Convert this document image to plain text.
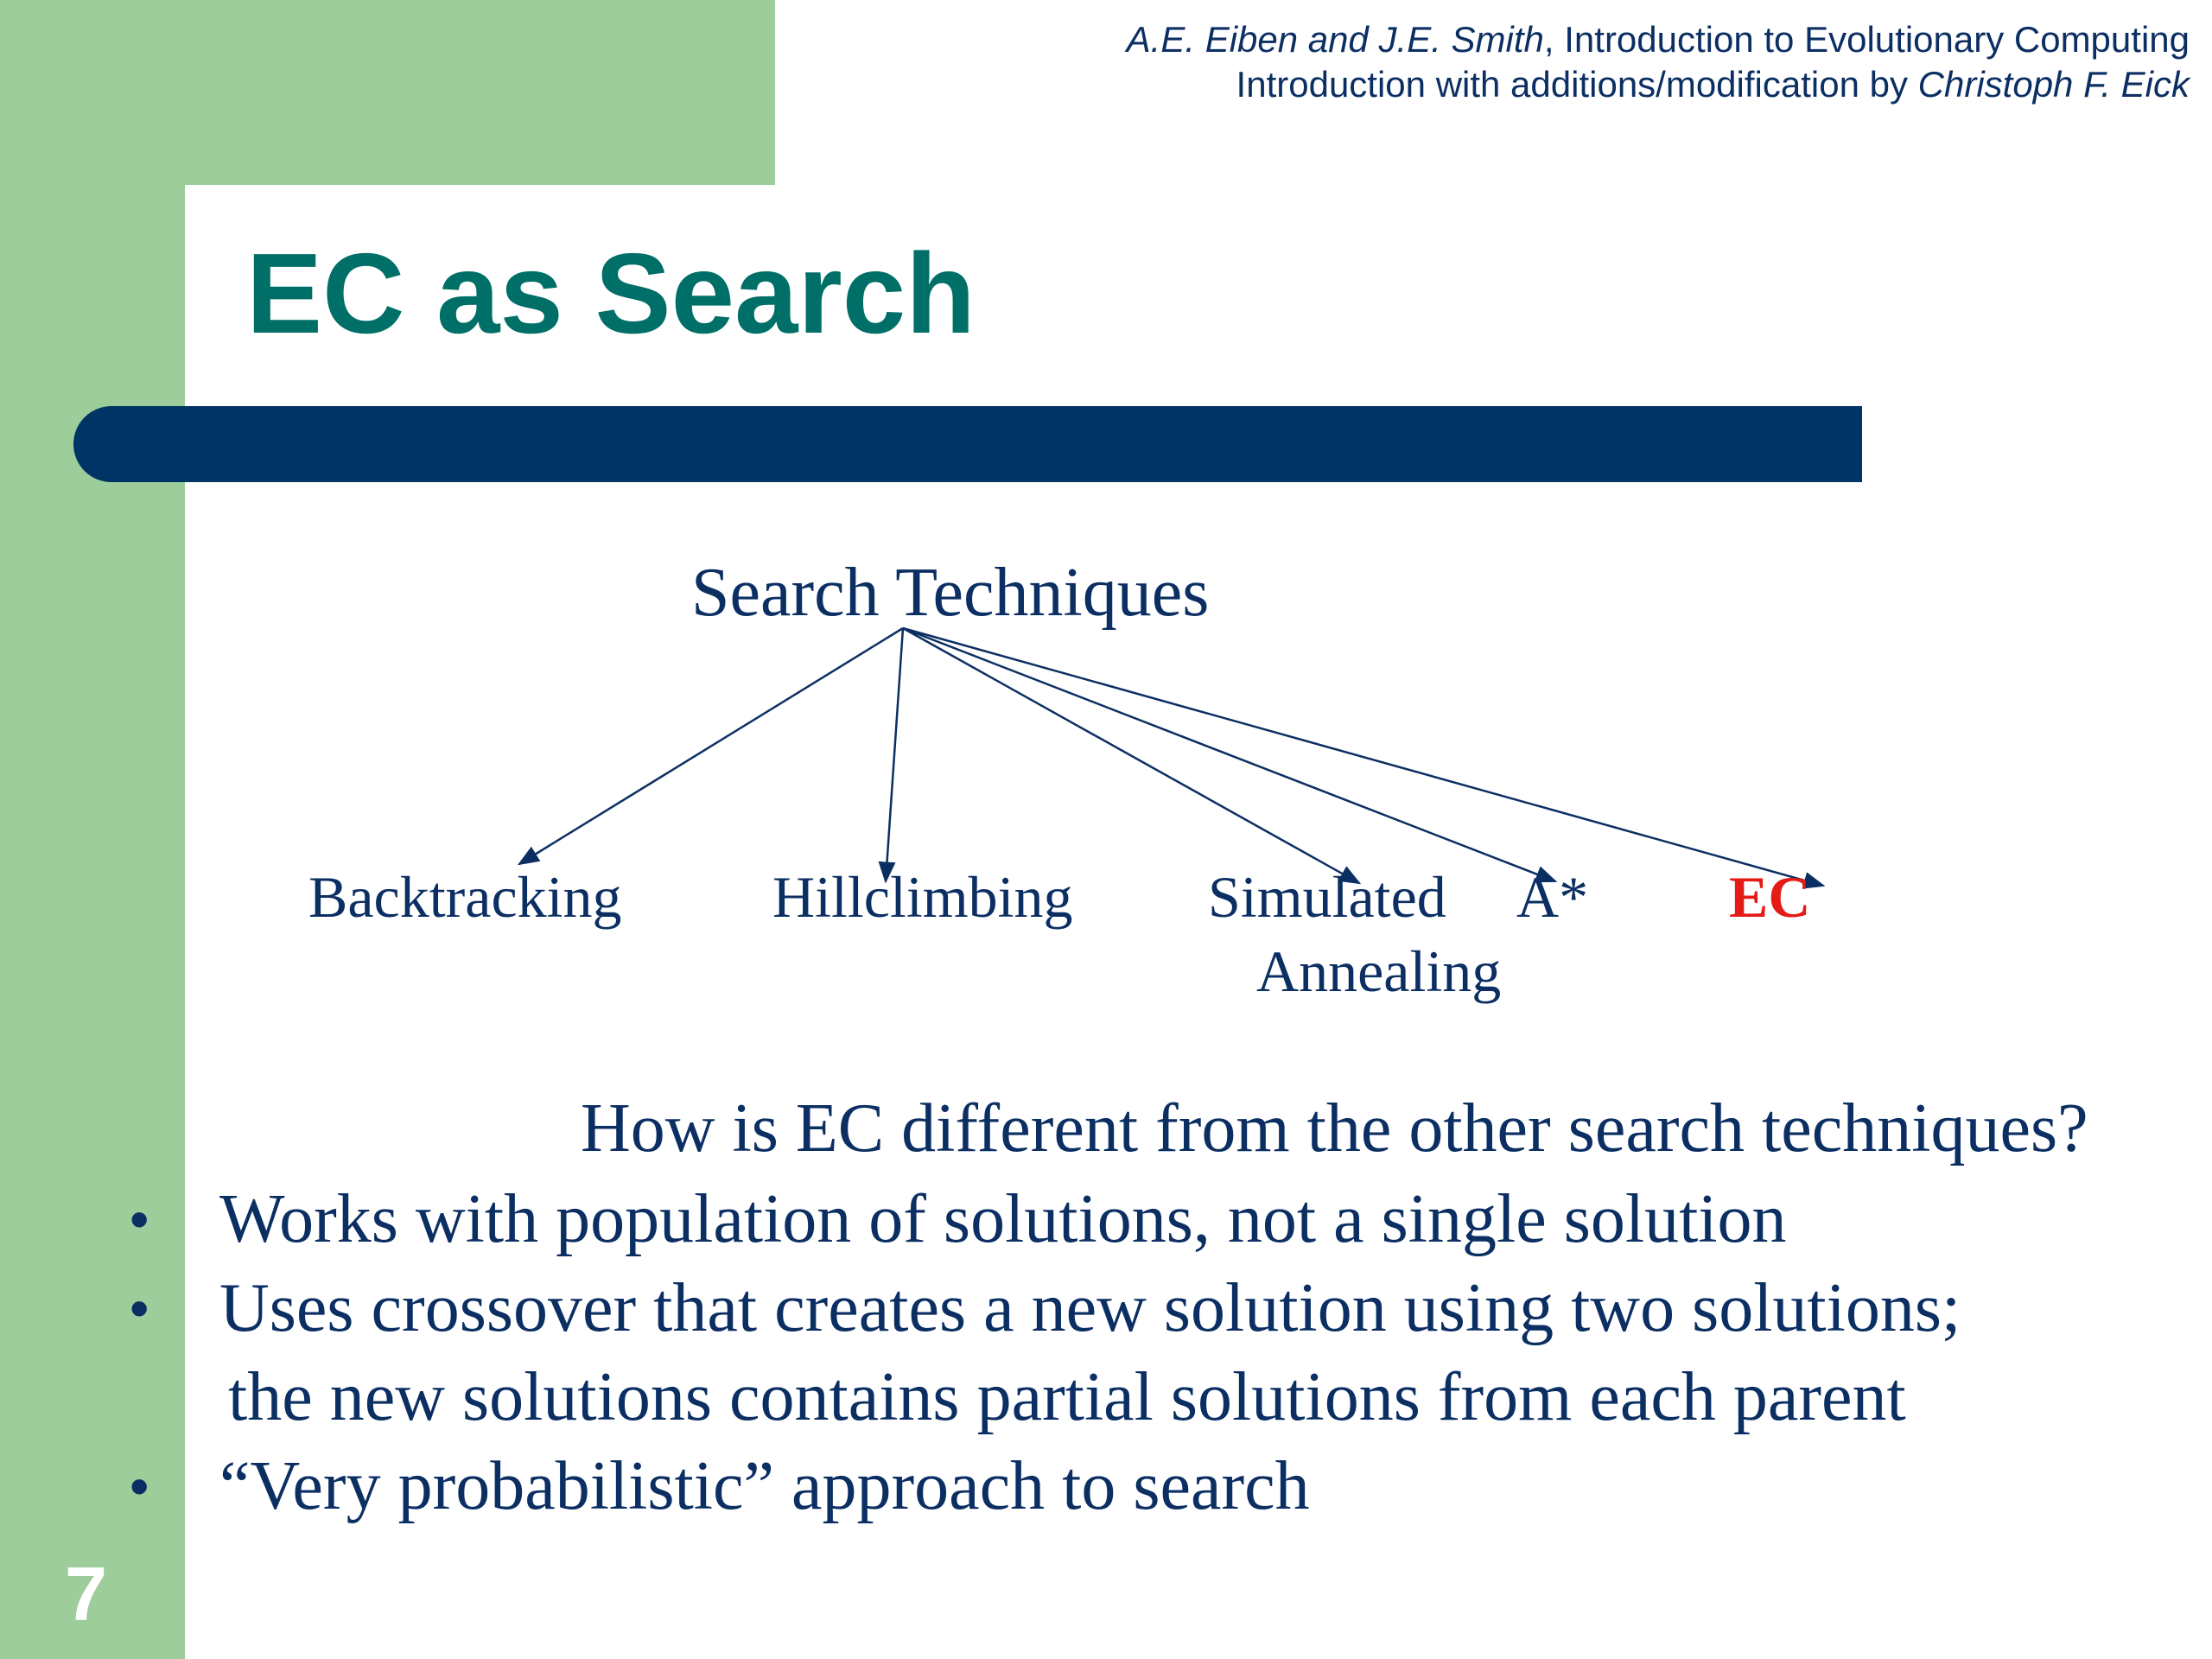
A.E. Eiben and J.E. Smith, Introduction to Evolutionary Computing
Introduction with additions/modification by Christoph F. Eick
EC as Search
Search Techniques
Backtracking	Hillclimbing Simulated
Annealing
A* EC
How is EC different from the other search techniques?
• Works with population of solutions, not a single solution
• Uses crossover that creates a new solution using two solutions;
the new solutions contains partial solutions from each parent
• “Very probabilistic” approach to search
7
